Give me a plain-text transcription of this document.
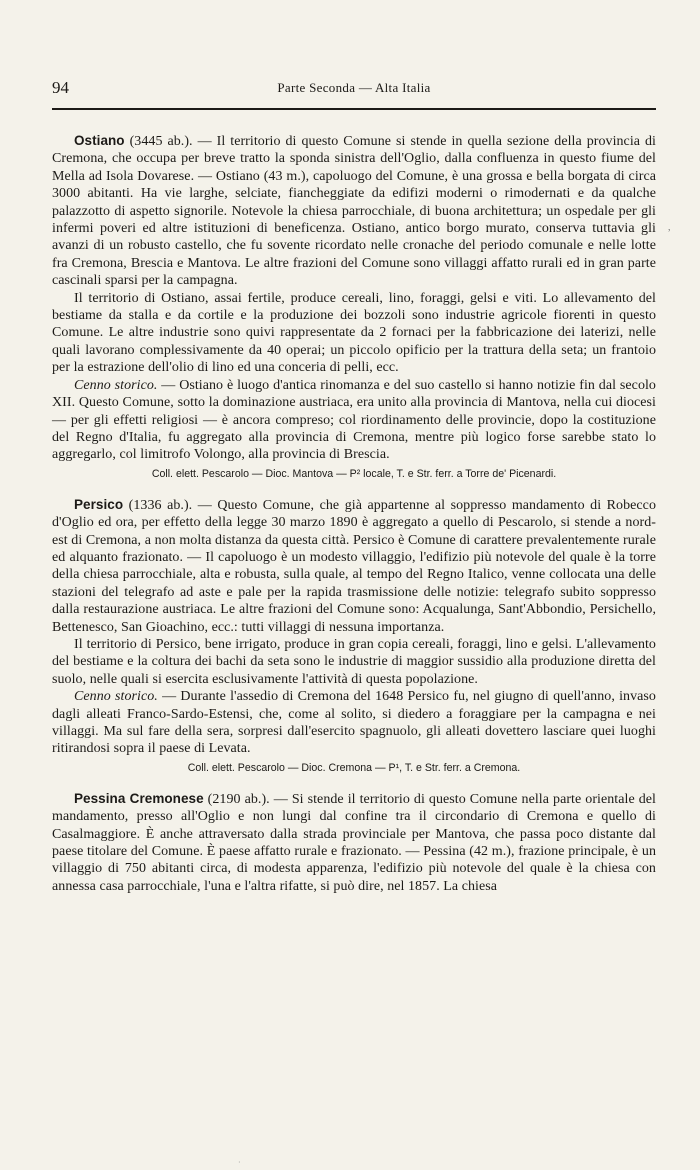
94	Parte Seconda — Alta Italia

Ostiano (3445 ab.). — Il territorio di questo Comune si stende in quella sezione della provincia di Cremona, che occupa per breve tratto la sponda sinistra dell'Oglio, dalla confluenza in questo fiume del Mella ad Isola Dovarese. — Ostiano (43 m.), capoluogo del Comune, è una grossa e bella borgata di circa 3000 abitanti. Ha vie larghe, selciate, fiancheggiate da edifizi moderni o rimodernati e da qualche palazzotto di aspetto signorile. Notevole la chiesa parrocchiale, di buona architettura; un ospedale per gli infermi poveri ed altre istituzioni di beneficenza. Ostiano, antico borgo murato, conserva tuttavia gli avanzi di un robusto castello, che fu sovente ricordato nelle cronache del periodo comunale e nelle lotte fra Cremona, Brescia e Mantova. Le altre frazioni del Comune sono villaggi affatto rurali ed in gran parte cascinali sparsi per la campagna.

Il territorio di Ostiano, assai fertile, produce cereali, lino, foraggi, gelsi e viti. Lo allevamento del bestiame da stalla e da cortile e la produzione dei bozzoli sono industrie agricole fiorenti in questo Comune. Le altre industrie sono quivi rappresentate da 2 fornaci per la fabbricazione dei laterizi, nelle quali lavorano complessivamente da 40 operai; un piccolo opificio per la trattura della seta; un frantoio per la estrazione dell'olio di lino ed una conceria di pelli, ecc.

Cenno storico. — Ostiano è luogo d'antica rinomanza e del suo castello si hanno notizie fin dal secolo XII. Questo Comune, sotto la dominazione austriaca, era unito alla provincia di Mantova, nella cui diocesi — per gli effetti religiosi — è ancora compreso; col riordinamento delle provincie, dopo la costituzione del Regno d'Italia, fu aggregato alla provincia di Cremona, mentre più logico forse sarebbe stato lo aggregarlo, col limitrofo Volongo, alla provincia di Brescia.

Coll. elett. Pescarolo — Dioc. Mantova — P² locale, T. e Str. ferr. a Torre de' Picenardi.

Persico (1336 ab.). — Questo Comune, che già appartenne al soppresso mandamento di Robecco d'Oglio ed ora, per effetto della legge 30 marzo 1890 è aggregato a quello di Pescarolo, si stende a nord-est di Cremona, a non molta distanza da questa città. Persico è Comune di carattere prevalentemente rurale ed alquanto frazionato. — Il capoluogo è un modesto villaggio, l'edifizio più notevole del quale è la torre della chiesa parrocchiale, alta e robusta, sulla quale, al tempo del Regno Italico, venne collocata una delle stazioni del telegrafo ad aste e pale per la rapida trasmissione delle notizie: telegrafo subito soppresso dalla restaurazione austriaca. Le altre frazioni del Comune sono: Acqualunga, Sant'Abbondio, Persichello, Bettenesco, San Gioachino, ecc.: tutti villaggi di nessuna importanza.

Il territorio di Persico, bene irrigato, produce in gran copia cereali, foraggi, lino e gelsi. L'allevamento del bestiame e la coltura dei bachi da seta sono le industrie di maggior sussidio alla produzione diretta del suolo, nelle quali si esercita esclusivamente l'attività di questa popolazione.

Cenno storico. — Durante l'assedio di Cremona del 1648 Persico fu, nel giugno di quell'anno, invaso dagli alleati Franco-Sardo-Estensi, che, come al solito, si diedero a foraggiare per la campagna e nei villaggi. Ma sul fare della sera, sorpresi dall'esercito spagnuolo, gli alleati dovettero lasciare quei luoghi ritirandosi sopra il paese di Levata.

Coll. elett. Pescarolo — Dioc. Cremona — P¹, T. e Str. ferr. a Cremona.

Pessina Cremonese (2190 ab.). — Si stende il territorio di questo Comune nella parte orientale del mandamento, presso all'Oglio e non lungi dal confine tra il circondario di Cremona e quello di Casalmaggiore. È anche attraversato dalla strada provinciale per Mantova, che passa poco distante dal paese titolare del Comune. È paese affatto rurale e frazionato. — Pessina (42 m.), frazione principale, è un villaggio di 750 abitanti circa, di modesta apparenza, l'edifizio più notevole del quale è la chiesa con annessa casa parrocchiale, l'una e l'altra rifatte, si può dire, nel 1857. La chiesa

,
·
